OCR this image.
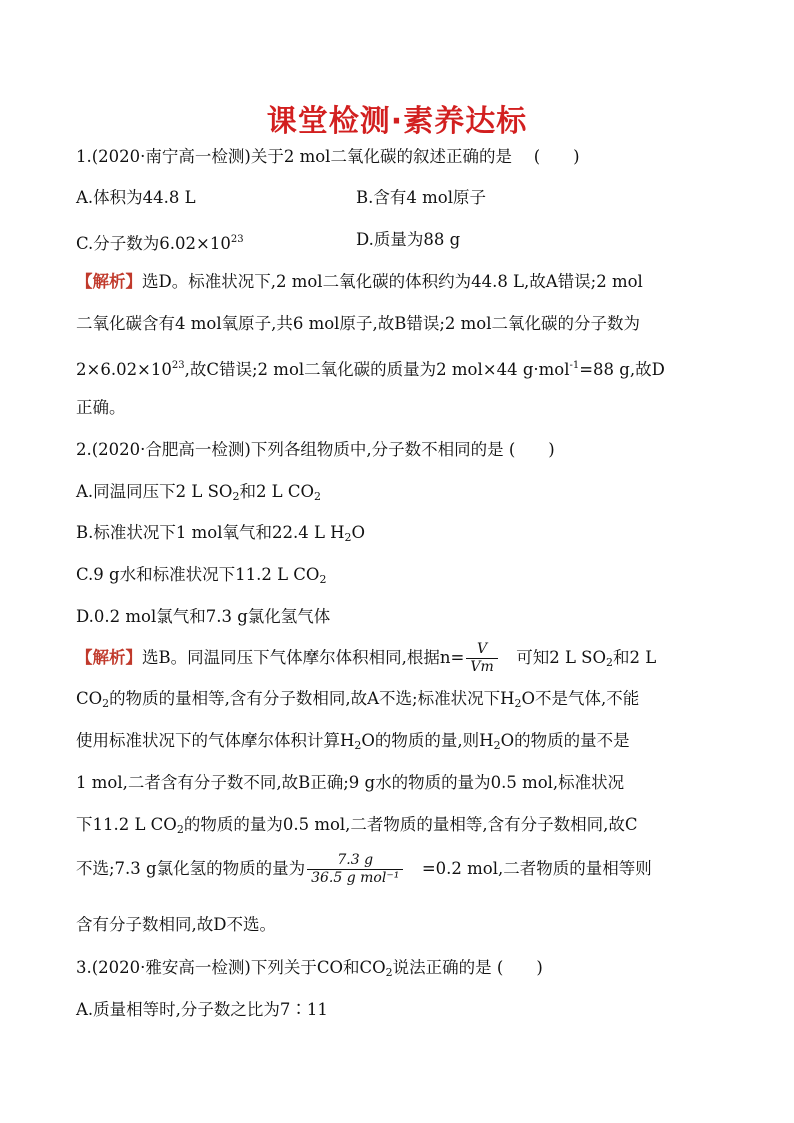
课堂检测·素养达标
1.(2020·南宁高一检测)关于2 mol二氧化碳的叙述正确的是　 (　　)
A.体积为44.8 L	B.含有4 mol原子
C.分子数为$6.02\times 10^{23}$	D.质量为88 g
【解析】选D。标准状况下,2 mol二氧化碳的体积约为44.8 L,故A错误;2 mol
二氧化碳含有4 mol氧原子,共6 mol原子,故B错误;2 mol二氧化碳的分子数为
$2\times 6.02\times 10^{23}$,故C错误;2 mol二氧化碳的质量为2 mol×44 g·mol$^{-1}$=88 g,故D
正确。
2.(2020·合肥高一检测)下列各组物质中,分子数不相同的是 (　　)
A.同温同压下2 L $SO_2$和2 L $CO_2$
B.标准状况下1 mol氧气和22.4 L $H_2O$
C.9 g水和标准状况下11.2 L $CO_2$
D.0.2 mol氯气和7.3 g氯化氢气体
【解析】选B。同温同压下气体摩尔体积相同,根据$n= \frac{V}{Vm}$ 　可知2 L $SO_2$和2 L
$CO_2$的物质的量相等,含有分子数相同,故A不选;标准状况下$H_2O$不是气体,不能
使用标准状况下的气体摩尔体积计算$H_2O$的物质的量,则$H_2O$的物质的量不是
1 mol,二者含有分子数不同,故B正确;9 g水的物质的量为0.5 mol,标准状况
下11.2 L $CO_2$的物质的量为0.5 mol,二者物质的量相等,含有分子数相同,故C
不选;7.3 g氯化氢的物质的量为 $\frac{7.3 g}{\text{36.5 g mol⁻¹}}$ 　=0.2 mol,二者物质的量相等则
含有分子数相同,故D不选。
3.(2020·雅安高一检测)下列关于CO和$CO_2$说法正确的是 (　　)
A.质量相等时,分子数之比为7∶11
